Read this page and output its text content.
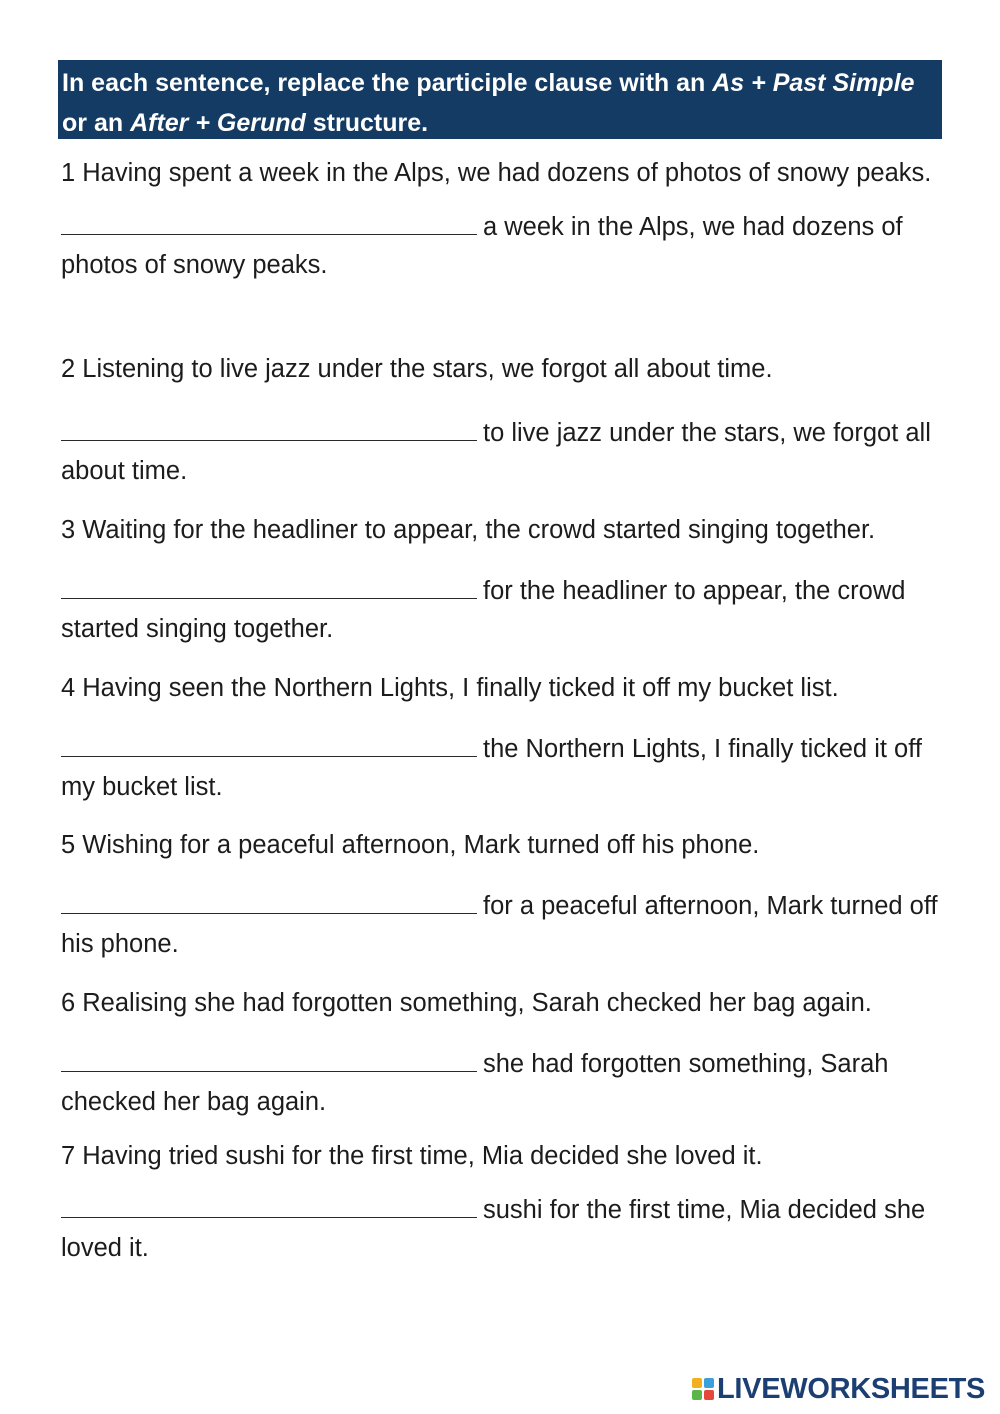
In each sentence, replace the participle clause with an As + Past Simple or an After + Gerund structure.

1 Having spent a week in the Alps, we had dozens of photos of snowy peaks.

a week in the Alps, we had dozens of photos of snowy peaks.

2 Listening to live jazz under the stars, we forgot all about time.

to live jazz under the stars, we forgot all about time.

3 Waiting for the headliner to appear, the crowd started singing together.

for the headliner to appear, the crowd started singing together.

4 Having seen the Northern Lights, I finally ticked it off my bucket list.

the Northern Lights, I finally ticked it off my bucket list.

5 Wishing for a peaceful afternoon, Mark turned off his phone.

for a peaceful afternoon, Mark turned off his phone.

6 Realising she had forgotten something, Sarah checked her bag again.

she had forgotten something, Sarah checked her bag again.

7 Having tried sushi for the first time, Mia decided she loved it.

sushi for the first time, Mia decided she loved it.

LIVEWORKSHEETS
